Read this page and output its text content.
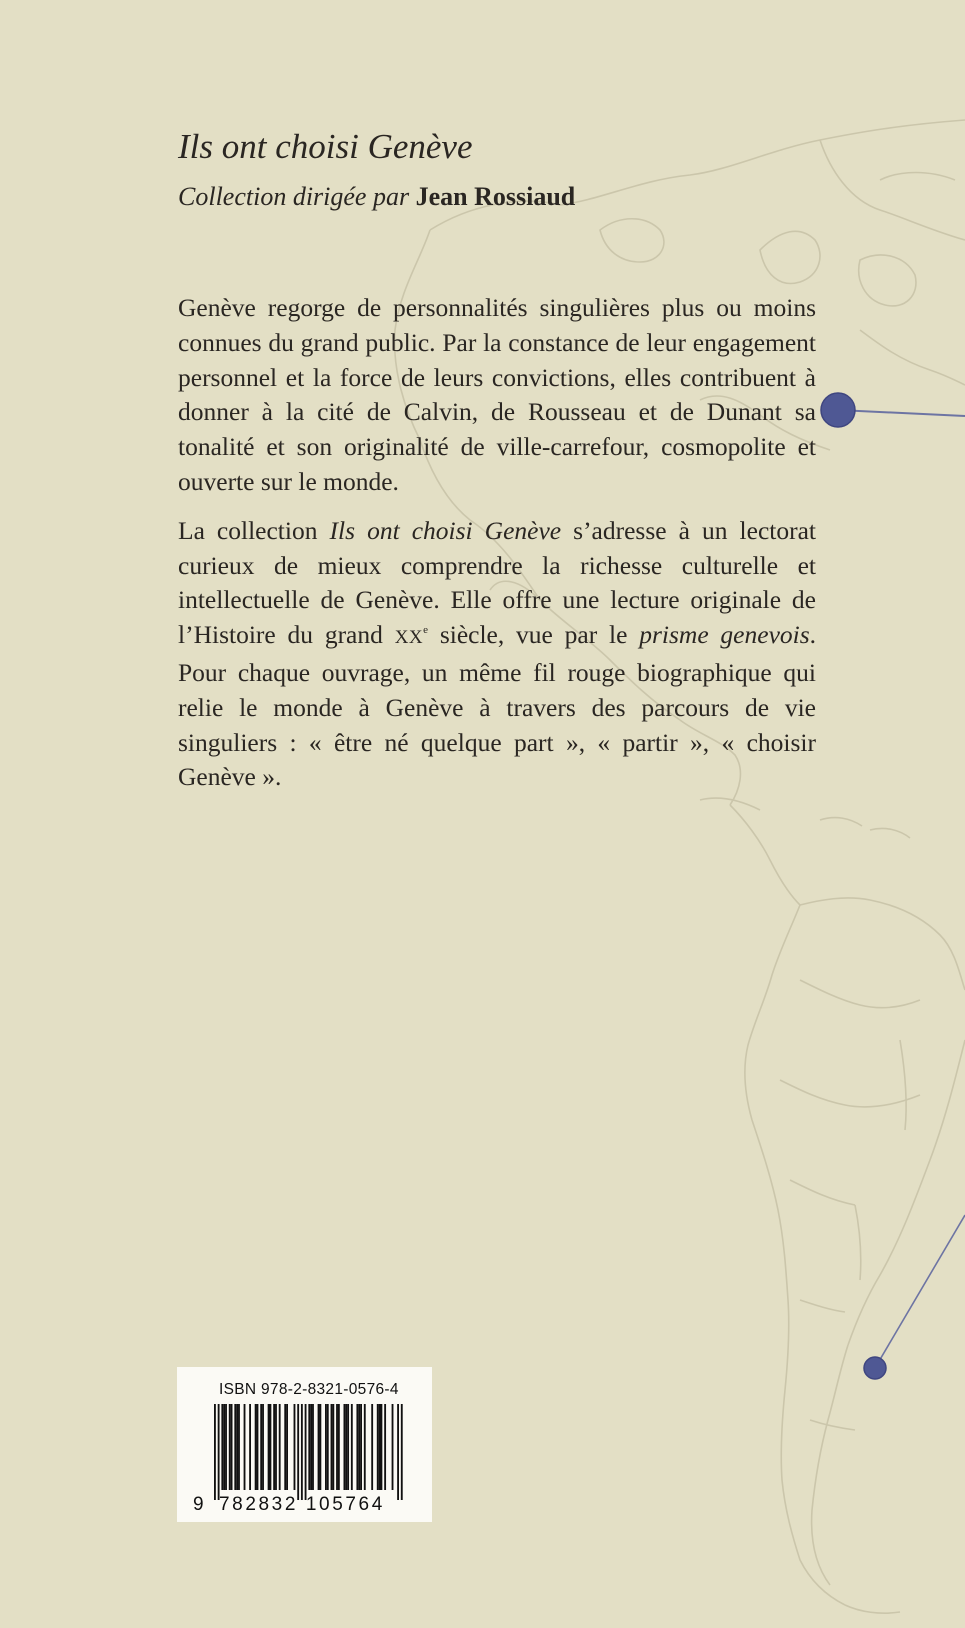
Ils ont choisi Genève

Collection dirigée par Jean Rossiaud

Genève regorge de personnalités singulières plus ou moins connues du grand public. Par la constance de leur engagement personnel et la force de leurs convictions, elles contribuent à donner à la cité de Calvin, de Rousseau et de Dunant sa tonalité et son originalité de ville-carrefour, cosmopolite et ouverte sur le monde.

La collection Ils ont choisi Genève s’adresse à un lectorat curieux de mieux comprendre la richesse culturelle et intellectuelle de Genève. Elle offre une lecture originale de l’Histoire du grand XXe siècle, vue par le prisme genevois. Pour chaque ouvrage, un même fil rouge biographique qui relie le monde à Genève à travers des parcours de vie singuliers : « être né quelque part », « partir », « choisir Genève ».

ISBN 978-2-8321-0576-4
9 782832 105764
